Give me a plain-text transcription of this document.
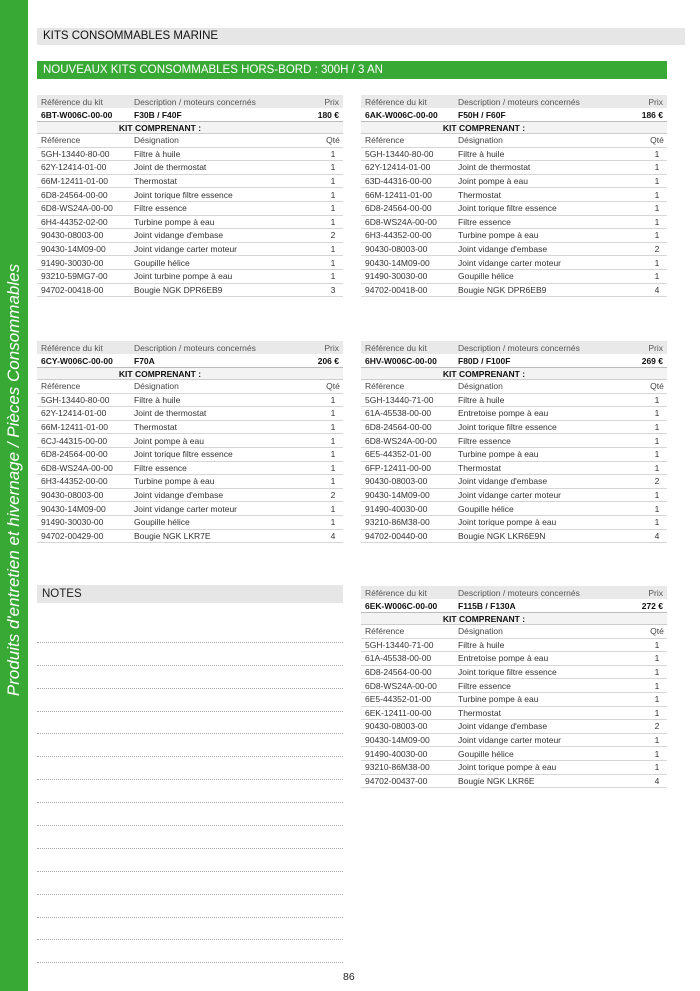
Produits d'entretien et hivernage / Pièces Consommables
KITS CONSOMMABLES MARINE
NOUVEAUX KITS CONSOMMABLES HORS-BORD : 300H / 3 AN
Référence du kit	Description / moteurs concernés	Prix
6BT-W006C-00-00	F30B / F40F	180 €
KIT COMPRENANT :
Référence	Désignation	Qté
5GH-13440-80-00	Filtre à huile	1
62Y-12414-01-00	Joint de thermostat	1
66M-12411-01-00	Thermostat	1
6D8-24564-00-00	Joint torique filtre essence	1
6D8-WS24A-00-00	Filtre essence	1
6H4-44352-02-00	Turbine pompe à eau	1
90430-08003-00	Joint vidange d'embase	2
90430-14M09-00	Joint vidange carter moteur	1
91490-30030-00	Goupille hélice	1
93210-59MG7-00	Joint turbine pompe à eau	1
94702-00418-00	Bougie NGK DPR6EB9	3
Référence du kit	Description / moteurs concernés	Prix
6AK-W006C-00-00	F50H / F60F	186 €
KIT COMPRENANT :
Référence	Désignation	Qté
5GH-13440-80-00	Filtre à huile	1
62Y-12414-01-00	Joint de thermostat	1
63D-44316-00-00	Joint pompe à eau	1
66M-12411-01-00	Thermostat	1
6D8-24564-00-00	Joint torique filtre essence	1
6D8-WS24A-00-00	Filtre essence	1
6H3-44352-00-00	Turbine pompe à eau	1
90430-08003-00	Joint vidange d'embase	2
90430-14M09-00	Joint vidange carter moteur	1
91490-30030-00	Goupille hélice	1
94702-00418-00	Bougie NGK DPR6EB9	4
Référence du kit	Description / moteurs concernés	Prix
6CY-W006C-00-00	F70A	206 €
KIT COMPRENANT :
Référence	Désignation	Qté
5GH-13440-80-00	Filtre à huile	1
62Y-12414-01-00	Joint de thermostat	1
66M-12411-01-00	Thermostat	1
6CJ-44315-00-00	Joint pompe à eau	1
6D8-24564-00-00	Joint torique filtre essence	1
6D8-WS24A-00-00	Filtre essence	1
6H3-44352-00-00	Turbine pompe à eau	1
90430-08003-00	Joint vidange d'embase	2
90430-14M09-00	Joint vidange carter moteur	1
91490-30030-00	Goupille hélice	1
94702-00429-00	Bougie NGK LKR7E	4
Référence du kit	Description / moteurs concernés	Prix
6HV-W006C-00-00	F80D / F100F	269 €
KIT COMPRENANT :
Référence	Désignation	Qté
5GH-13440-71-00	Filtre à huile	1
61A-45538-00-00	Entretoise pompe à eau	1
6D8-24564-00-00	Joint torique filtre essence	1
6D8-WS24A-00-00	Filtre essence	1
6E5-44352-01-00	Turbine pompe à eau	1
6FP-12411-00-00	Thermostat	1
90430-08003-00	Joint vidange d'embase	2
90430-14M09-00	Joint vidange carter moteur	1
91490-40030-00	Goupille hélice	1
93210-86M38-00	Joint torique pompe à eau	1
94702-00440-00	Bougie NGK LKR6E9N	4
Référence du kit	Description / moteurs concernés	Prix
6EK-W006C-00-00	F115B / F130A	272 €
KIT COMPRENANT :
Référence	Désignation	Qté
5GH-13440-71-00	Filtre à huile	1
61A-45538-00-00	Entretoise pompe à eau	1
6D8-24564-00-00	Joint torique filtre essence	1
6D8-WS24A-00-00	Filtre essence	1
6E5-44352-01-00	Turbine pompe à eau	1
6EK-12411-00-00	Thermostat	1
90430-08003-00	Joint vidange d'embase	2
90430-14M09-00	Joint vidange carter moteur	1
91490-40030-00	Goupille hélice	1
93210-86M38-00	Joint torique pompe à eau	1
94702-00437-00	Bougie NGK LKR6E	4
NOTES
86
